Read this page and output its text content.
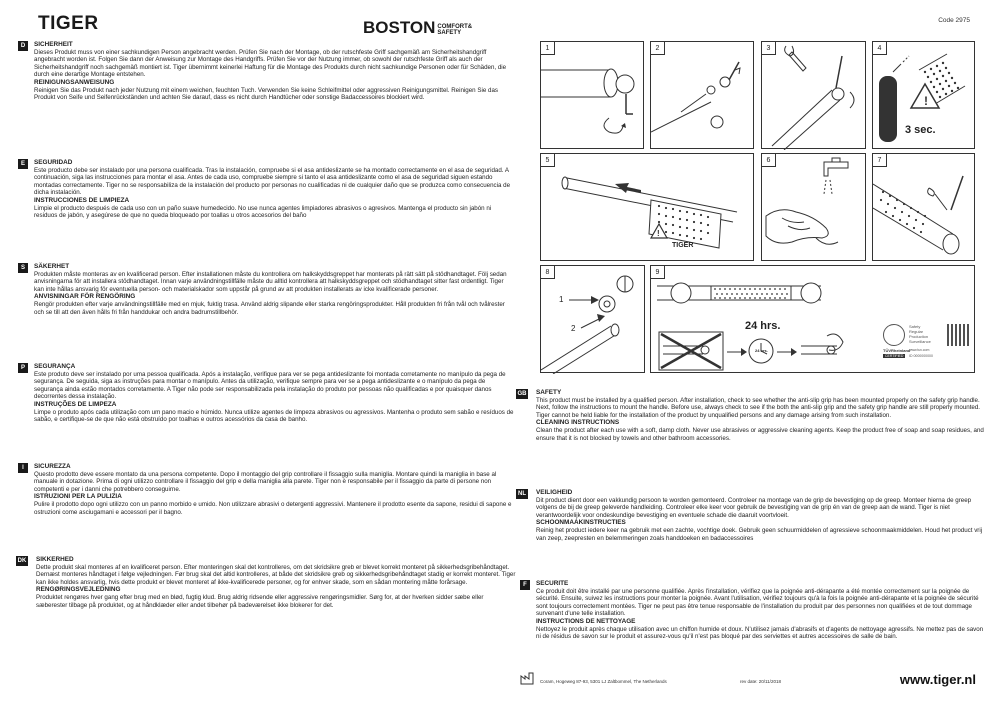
TIGER	BOSTON COMFORT&
SAFETY
Code 2975
D	SICHERHEIT

Dieses Produkt muss von einer sachkundigen Person angebracht werden. Prüfen Sie nach der Montage, ob der rutschfeste Griff sachgemäß am Sicherheitshandgriff angebracht worden ist. Folgen Sie dann der Anweisung zur Montage des Handgriffs. Prüfen Sie vor der Nutzung immer, ob sowohl der rutschfeste Griff als auch der Sicherheitshandgriff noch sachgemäß montiert ist. Tiger übernimmt keinerlei Haftung für die Montage des Produkts durch nicht sachkundige Personen oder für Schäden, die durch eine derartige Montage entstehen.

REINIGUNGSANWEISUNG

Reinigen Sie das Produkt nach jeder Nutzung mit einem weichen, feuchten Tuch. Verwenden Sie keine Schleifmittel oder aggressiven Reinigungsmittel. Reinigen Sie das Produkt von Seife und Seifenrückständen und achten Sie darauf, dass es nicht durch Handtücher oder sonstige Badaccessoires blockiert wird.

E	SEGURIDAD

Este producto debe ser instalado por una persona cualificada. Tras la instalación, compruebe si el asa antideslizante se ha montado correctamente en el asa de seguridad. A continuación, siga las instrucciones para montar el asa. Antes de cada uso, compruebe siempre si tanto el asa antideslizante como el asa de seguridad siguen estando montadas correctamente. Tiger no se responsabiliza de la instalación del producto por personas no cualificadas ni de cualquier daño que se produzca como consecuencia de dicha instalación.

INSTRUCCIONES DE LIMPIEZA

Limpie el producto después de cada uso con un paño suave humedecido. No use nunca agentes limpiadores abrasivos o agresivos. Mantenga el producto sin jabón ni residuos de jabón, y asegúrese de que no queda bloqueado por toallas u otros accesorios del baño

S	SÄKERHET

Produkten måste monteras av en kvalificerad person. Efter installationen måste du kontrollera om halkskyddsgreppet har monterats på rätt sätt på stödhandtaget. Följ sedan anvisningarna för att installera stödhandtaget. Innan varje användningstillfälle måste du alltid kontrollera att halkskyddsgreppet och stödhandtaget sitter fast ordentligt. Tiger kan inte hållas ansvarig för eventuella person- och materialskador som uppstår på grund av att produkten installerats av icke kvalificerade personer.

ANVISNINGAR FÖR RENGÖRING

Rengör produkten efter varje användningstillfälle med en mjuk, fuktig trasa. Använd aldrig slipande eller starka rengöringsprodukter. Håll produkten fri från tvål och tvålrester och se till att den även hålls fri från handdukar och andra badrumstillbehör.

P	SEGURANÇA

Este produto deve ser instalado por uma pessoa qualificada. Após a instalação, verifique para ver se pega antideslizante foi montada corretamente no manípulo da pega de segurança. De seguida, siga as instruções para montar o manípulo. Antes da utilização, verifique sempre para ver se a pega antideslizante e o manípulo da pega de segurança ainda estão montados corretamente. A Tiger não pode ser responsabilizada pela instalação do produto por pessoas não qualificadas e por quaisquer danos decorrentes dessa instalação.

INSTRUÇÕES DE LIMPEZA

Limpe o produto após cada utilização com um pano macio e húmido. Nunca utilize agentes de limpeza abrasivos ou agressivos. Mantenha o produto sem sabão e resíduos de sabão, e certifique-se de que não está obstruído por toalhas e outros acessórios da casa de banho.

I	SICUREZZA

Questo prodotto deve essere montato da una persona competente. Dopo il montaggio del grip controllare il fissaggio sulla maniglia. Montare quindi la maniglia in base al manuale in dotazione. Prima di ogni utilizzo controllare il fissaggio del grip e della maniglia alla parete. Tiger non è responsabile per il fissaggio da parte di persone non competenti e per i danni che potrebbero conseguirne.

ISTRUZIONI PER LA PULIZIA

Pulire il prodotto dopo ogni utilizzo con un panno morbido e umido. Non utilizzare abrasivi o detergenti aggressivi. Mantenere il prodotto esente da sapone, residui di sapone e ostruzioni come asciugamani e accessori per il bagno.

DK SIKKERHED

Dette produkt skal monteres af en kvalificeret person. Efter monteringen skal det kontrolleres, om det skridsikre greb er blevet korrekt monteret på sikkerhedsgribehåndtaget. Dernæst monteres håndtaget i følge vejledningen. Før brug skal det altid kontrolleres, at både det skridsikre greb og sikkerhedsgribehåndtaget stadig er korrekt monteret. Tiger kan ikke holdes ansvarlig, hvis dette produkt er blevet monteret af ikke-kvalificerede personer, og for enhver skade, som en sådan montering måtte forårsage.

RENGØRINGSVEJLEDNING

Produktet rengøres hver gang efter brug med en blød, fugtig klud. Brug aldrig ridsende eller aggressive rengøringsmidler. Sørg for, at der hverken sidder sæbe eller sæberester tilbage på produktet, og at håndklæder eller andet tilbehør på badeværelset ikke blokerer for det.

1	2	3
!
3 sec.
4
!
TIGER
5	6	7
1
2
8
24 hrs.
24 hrs.
9
Safety
Regular
Production
Surveillance
TÜVRheinland
CERTIFIED
www.tuv.com
ID 0000000000
GB SAFETY

This product must be installed by a qualified person. After installation, check to see whether the anti-slip grip has been mounted properly on the safety grip handle. Next, follow the instructions to mount the handle. Before use, always check to see if the both the anti-slip grip and the safety grip handle are still properly mounted. Tiger cannot be held liable for the installation of the product by unqualified persons and any damage arising from such installation.

CLEANING INSTRUCTIONS

Clean the product after each use with a soft, damp cloth. Never use abrasives or aggressive cleaning agents. Keep the product free of soap and soap residues, and ensure that it is not blocked by towels and other bathroom accessories.

NL	VEILIGHEID

Dit product dient door een vakkundig persoon te worden gemonteerd. Controleer na montage van de grip de bevestiging op de greep. Monteer hierna de greep volgens de bij de greep geleverde handleiding. Controleer elke keer voor gebruik de bevestiging van de grip én van de greep aan de wand. Tiger is niet verantwoordelijk voor ondeskundige bevestiging en eventuele schade die daaruit voortvloeit.

SCHOONMAAKINSTRUCTIES

Reinig het product iedere keer na gebruik met een zachte, vochtige doek. Gebruik geen schuurmiddelen of agressieve schoonmaakmiddelen. Houd het product vrij van zeep, zeepresten en belemmeringen zoals handdoeken en badaccessoires

F	SECURITE

Ce produit doit être installé par une personne qualifiée. Après l'installation, vérifiez que la poignée anti-dérapante a été montée correctement sur la poignée de sécurité. Ensuite, suivez les instructions pour monter la poignée. Avant l'utilisation, vérifiez toujours qu'à la fois la poignée anti-dérapante et la poignée de sécurité sont toujours correctement montées. Tiger ne peut pas être tenue responsable de l'installation du produit par des personnes non qualifiées et de tout dommage survenant d'une telle installation.

INSTRUCTIONS DE NETTOYAGE

Nettoyez le produit après chaque utilisation avec un chiffon humide et doux. N'utilisez jamais d'abrasifs et d'agents de nettoyage agressifs. Ne mettez pas de savon ni de résidus de savon sur le produit et assurez-vous qu'il n'est pas bloqué par des serviettes et autres accessoires de salle de bain.

Coram, Hogeweg 87-93, 5301 LJ Zaltbommel, The Netherlands	rev date: 20/11/2018	www.tiger.nl
